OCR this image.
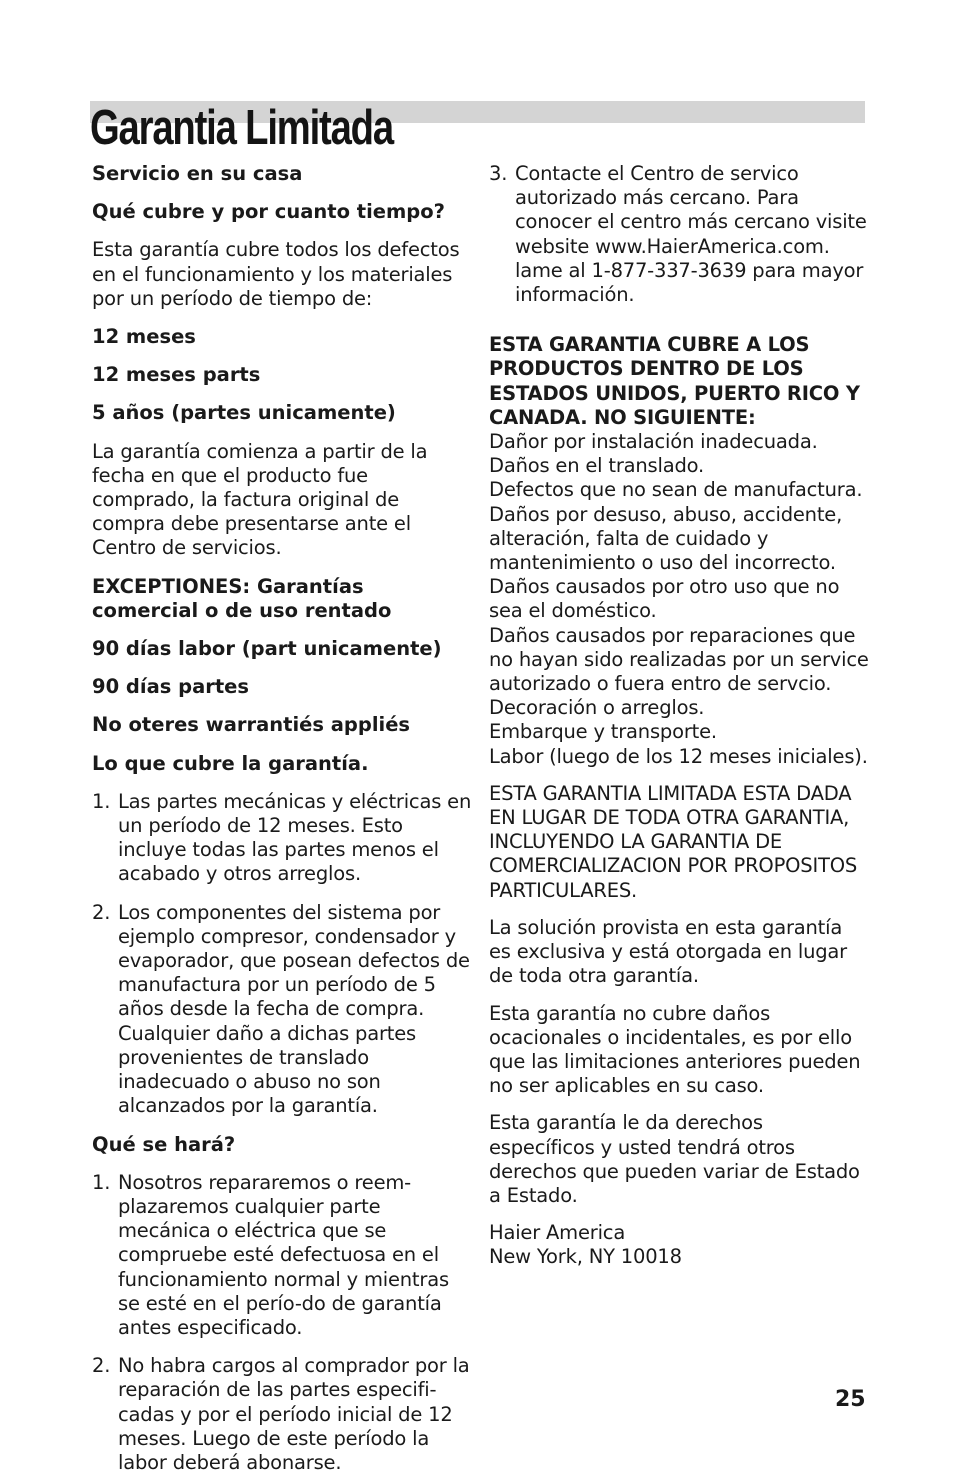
Garantia Limitada

Servicio en su casa

Qué cubre y por cuanto tiempo?

Esta garantía cubre todos los defectos en el funcionamiento y los materiales por un período de tiempo de:

12 meses

12 meses parts

5 años (partes unicamente)

La garantía comienza a partir de la fecha en que el producto fue comprado, la factura original de compra debe presentarse ante el Centro de servicios.

EXCEPTIONES: Garantías comercial o de uso rentado

90 días labor (part unicamente)

90 días partes

No oteres warrantiés appliés

Lo que cubre la garantía.

1. Las partes mecánicas y eléctricas en un período de 12 meses. Esto incluye todas las partes menos el acabado y otros arreglos.
2. Los componentes del sistema por ejemplo compresor, condensador y evaporador, que posean defectos de manufactura por un período de 5 años desde la fecha de compra. Cualquier daño a dichas partes provenientes de translado inadecuado o abuso no son alcanzados por la garantía.

Qué se hará?

1. Nosotros repararemos o reem-plazaremos cualquier parte mecánica o eléctrica que se compruebe esté defectuosa en el funcionamiento normal y mientras se esté en el perío-do de garantía antes especificado.
2. No habra cargos al comprador por la reparación de las partes especifi-cadas y por el período inicial de 12 meses. Luego de este período la labor deberá abonarse.
3. Contacte el Centro de servico autorizado más cercano. Para conocer el centro más cercano visite website www.HaierAmerica.com. lame al 1-877-337-3639 para mayor información.

ESTA GARANTIA CUBRE A LOS PRODUCTOS DENTRO DE LOS ESTADOS UNIDOS, PUERTO RICO Y CANADA. NO SIGUIENTE:

Dañor por instalación inadecuada.

Daños en el translado.

Defectos que no sean de manufactura.

Daños por desuso, abuso, accidente, alteración, falta de cuidado y mantenimiento o uso del incorrecto.

Daños causados por otro uso que no sea el doméstico.

Daños causados por reparaciones que no hayan sido realizadas por un service autorizado o fuera entro de servcio.

Decoración o arreglos.

Embarque y transporte.

Labor (luego de los 12 meses iniciales).

ESTA GARANTIA LIMITADA ESTA DADA EN LUGAR DE TODA OTRA GARANTIA, INCLUYENDO LA GARANTIA DE COMERCIALIZACION POR PROPOSITOS PARTICULARES.

La solución provista en esta garantía es exclusiva y está otorgada en lugar de toda otra garantía.

Esta garantía no cubre daños ocacionales o incidentales, es por ello que las limitaciones anteriores pueden no ser aplicables en su caso.

Esta garantía le da derechos específicos y usted tendrá otros derechos que pueden variar de Estado a Estado.

Haier America

New York, NY 10018

25
